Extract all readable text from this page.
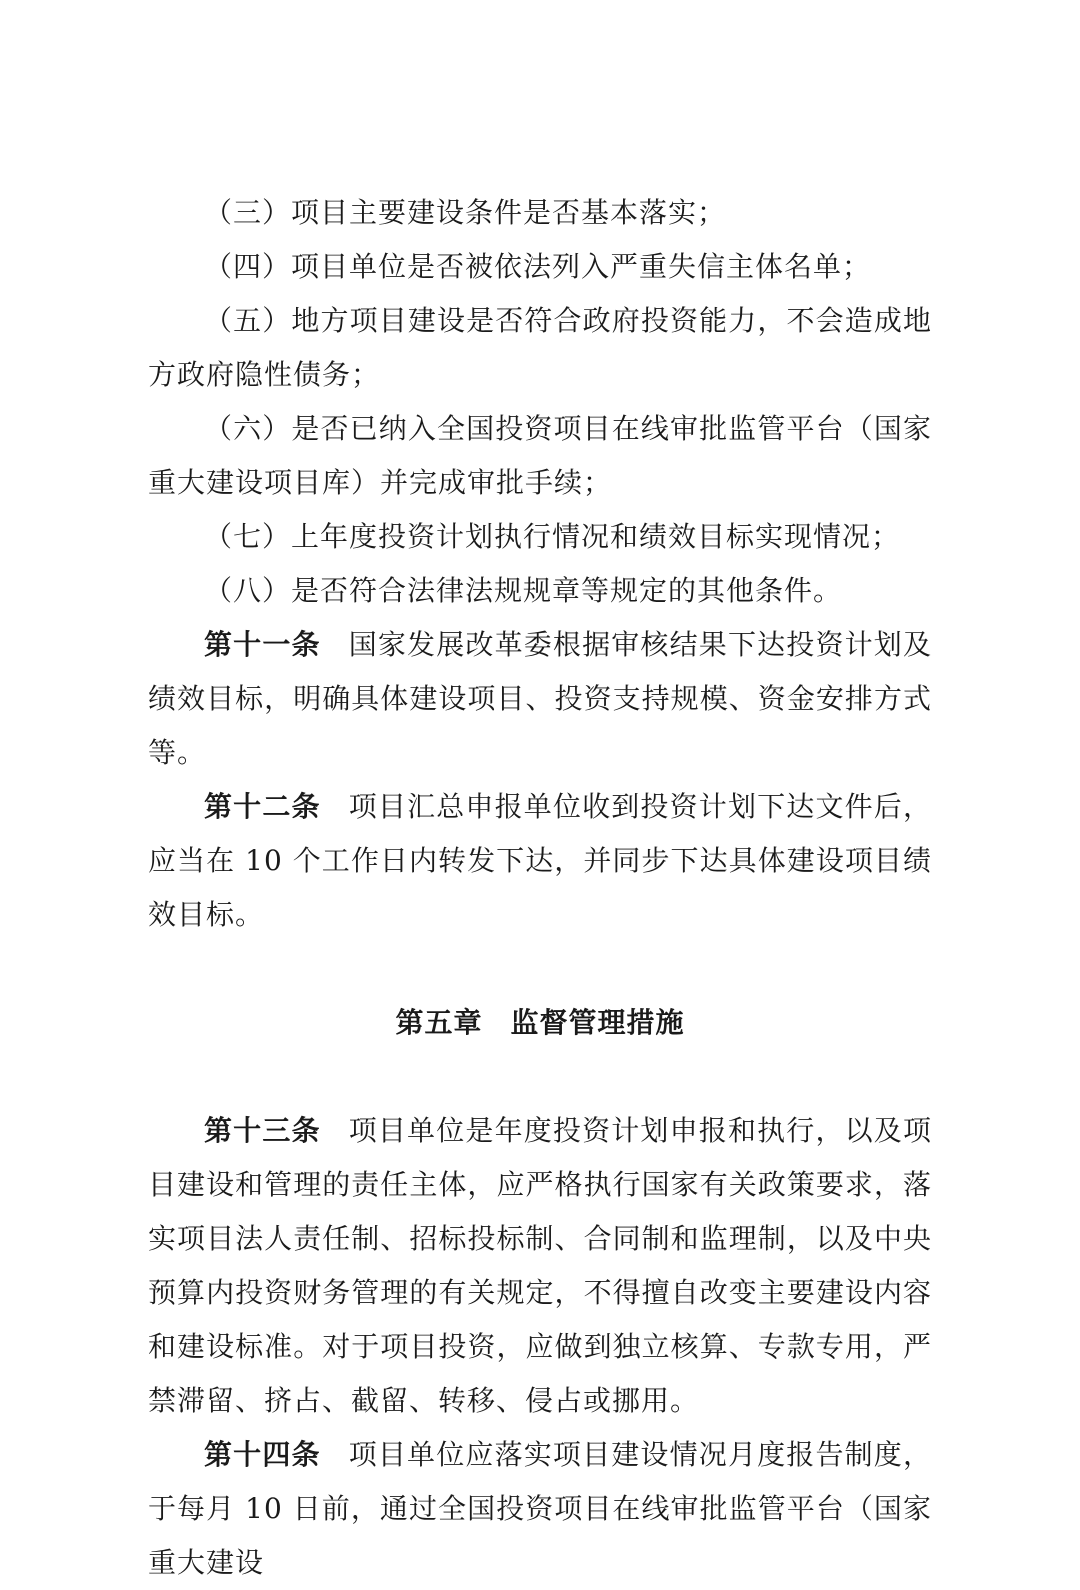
（三）项目主要建设条件是否基本落实；

（四）项目单位是否被依法列入严重失信主体名单；

（五）地方项目建设是否符合政府投资能力，不会造成地方政府隐性债务；

（六）是否已纳入全国投资项目在线审批监管平台（国家重大建设项目库）并完成审批手续；

（七）上年度投资计划执行情况和绩效目标实现情况；

（八）是否符合法律法规规章等规定的其他条件。

第十一条 国家发展改革委根据审核结果下达投资计划及绩效目标，明确具体建设项目、投资支持规模、资金安排方式等。

第十二条 项目汇总申报单位收到投资计划下达文件后，应当在 10 个工作日内转发下达，并同步下达具体建设项目绩效目标。

第五章 监督管理措施

第十三条 项目单位是年度投资计划申报和执行，以及项目建设和管理的责任主体，应严格执行国家有关政策要求，落实项目法人责任制、招标投标制、合同制和监理制，以及中央预算内投资财务管理的有关规定，不得擅自改变主要建设内容和建设标准。对于项目投资，应做到独立核算、专款专用，严禁滞留、挤占、截留、转移、侵占或挪用。

第十四条 项目单位应落实项目建设情况月度报告制度，于每月 10 日前，通过全国投资项目在线审批监管平台（国家重大建设
